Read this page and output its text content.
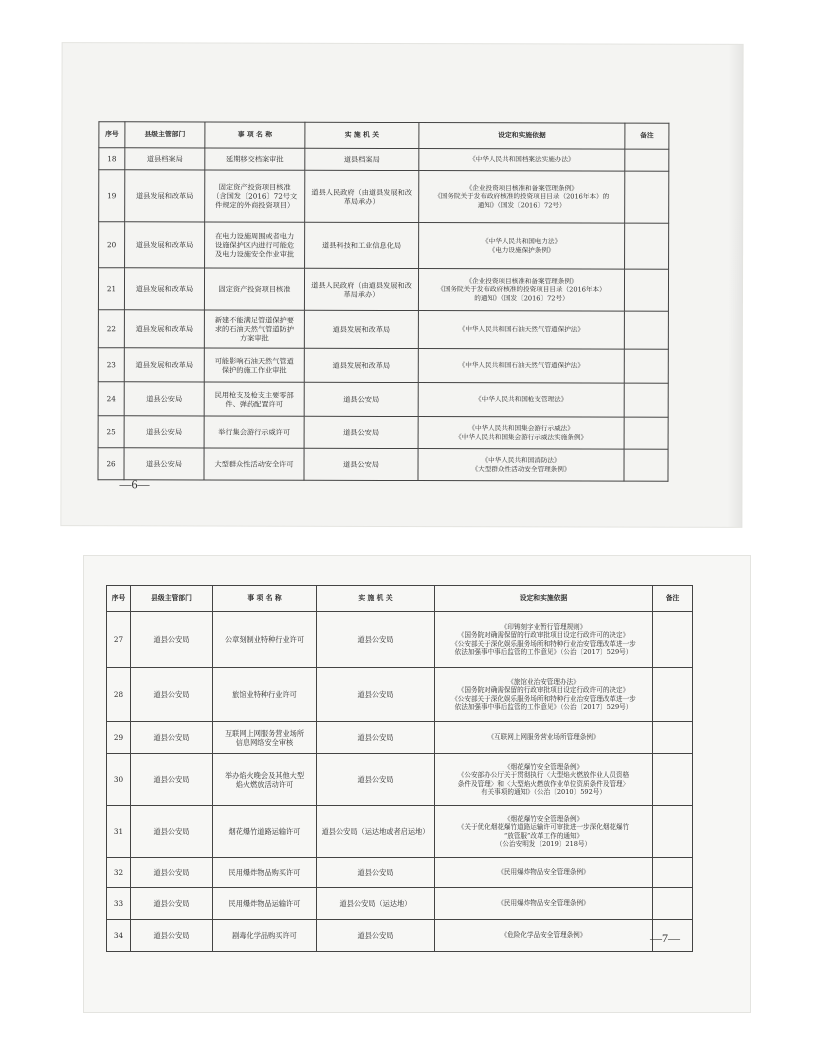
序号	县级主管部门	事 项 名 称	实 施 机 关	设定和实施依据	备注
18	道县档案局	延期移交档案审批	道县档案局	《中华人民共和国档案法实施办法》	
19	道县发展和改革局	固定资产投资项目核准
（含国发〔2016〕72号文
件规定的外商投资项目）	道县人民政府（由道县发展和改
革局承办）	《企业投资项目核准和备案管理条例》
《国务院关于发布政府核准的投资项目目录（2016年本）的
通知》（国发〔2016〕72号）	
20	道县发展和改革局	在电力设施周围或者电力
设施保护区内进行可能危
及电力设施安全作业审批	道县科技和工业信息化局	《中华人民共和国电力法》
《电力设施保护条例》	
21	道县发展和改革局	固定资产投资项目核准	道县人民政府（由道县发展和改
革局承办）	《企业投资项目核准和备案管理条例》
《国务院关于发布政府核准的投资项目目录（2016年本）
的通知》（国发〔2016〕72号）	
22	道县发展和改革局	新建不能满足管道保护要
求的石油天然气管道防护
方案审批	道县发展和改革局	《中华人民共和国石油天然气管道保护法》	
23	道县发展和改革局	可能影响石油天然气管道
保护的施工作业审批	道县发展和改革局	《中华人民共和国石油天然气管道保护法》	
24	道县公安局	民用枪支及枪支主要零部
件、弹药配置许可	道县公安局	《中华人民共和国枪支管理法》	
25	道县公安局	举行集会游行示威许可	道县公安局	《中华人民共和国集会游行示威法》
《中华人民共和国集会游行示威法实施条例》	
26	道县公安局	大型群众性活动安全许可	道县公安局	《中华人民共和国消防法》
《大型群众性活动安全管理条例》	
—6—
序号	县级主管部门	事 项 名 称	实 施 机 关	设定和实施依据	备注
27	道县公安局	公章刻制业特种行业许可	道县公安局	《印铸刻字业暂行管理规则》
《国务院对确需保留的行政审批项目设定行政许可的决定》
《公安部关于深化娱乐服务场所和特种行业治安管理改革进一步
依法加强事中事后监管的工作意见》（公治〔2017〕529号）	
28	道县公安局	旅馆业特种行业许可	道县公安局	《旅馆业治安管理办法》
《国务院对确需保留的行政审批项目设定行政许可的决定》
《公安部关于深化娱乐服务场所和特种行业治安管理改革进一步
依法加强事中事后监管的工作意见》（公治〔2017〕529号）	
29	道县公安局	互联网上网服务营业场所
信息网络安全审核	道县公安局	《互联网上网服务营业场所管理条例》	
30	道县公安局	举办焰火晚会及其他大型
焰火燃放活动许可	道县公安局	《烟花爆竹安全管理条例》
《公安部办公厅关于贯彻执行〈大型焰火燃放作业人员资格
条件及管理〉和〈大型焰火燃放作业单位资质条件及管理〉
有关事项的通知》（公治〔2010〕592号）	
31	道县公安局	烟花爆竹道路运输许可	道县公安局（运达地或者启运地）	《烟花爆竹安全管理条例》
《关于优化烟花爆竹道路运输许可审批进一步深化烟花爆竹
“放管服”改革工作的通知》
（公治安明发〔2019〕218号）	
32	道县公安局	民用爆炸物品购买许可	道县公安局	《民用爆炸物品安全管理条例》	
33	道县公安局	民用爆炸物品运输许可	道县公安局（运达地）	《民用爆炸物品安全管理条例》	
34	道县公安局	剧毒化学品购买许可	道县公安局	《危险化学品安全管理条例》		—7—
